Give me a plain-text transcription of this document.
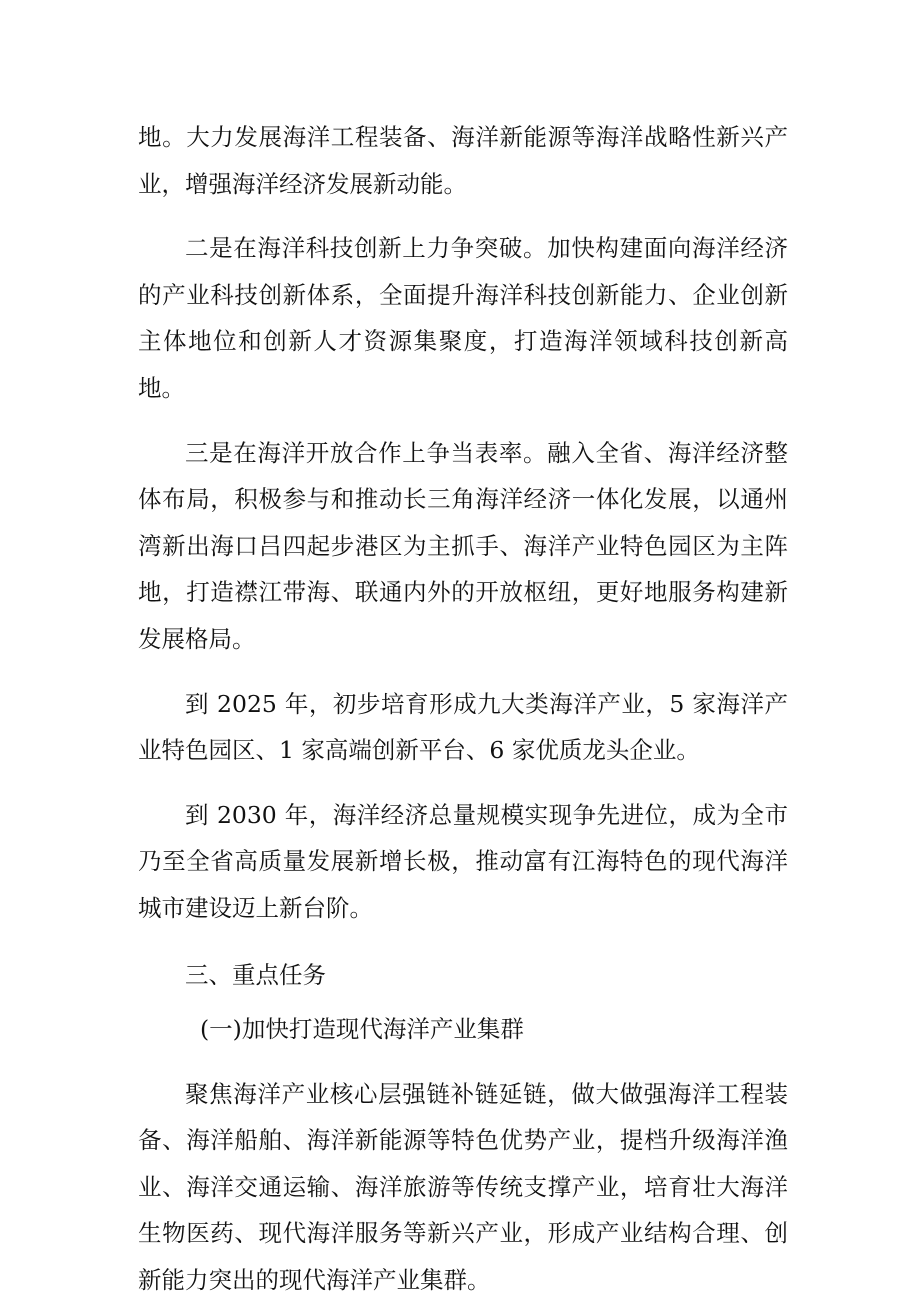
地。大力发展海洋工程装备、海洋新能源等海洋战略性新兴产业，增强海洋经济发展新动能。

二是在海洋科技创新上力争突破。加快构建面向海洋经济的产业科技创新体系，全面提升海洋科技创新能力、企业创新主体地位和创新人才资源集聚度，打造海洋领域科技创新高地。

三是在海洋开放合作上争当表率。融入全省、海洋经济整体布局，积极参与和推动长三角海洋经济一体化发展，以通州湾新出海口吕四起步港区为主抓手、海洋产业特色园区为主阵地，打造襟江带海、联通内外的开放枢纽，更好地服务构建新发展格局。

到 2025 年，初步培育形成九大类海洋产业，5 家海洋产业特色园区、1 家高端创新平台、6 家优质龙头企业。

到 2030 年，海洋经济总量规模实现争先进位，成为全市乃至全省高质量发展新增长极，推动富有江海特色的现代海洋城市建设迈上新台阶。

三、重点任务

(一)加快打造现代海洋产业集群

聚焦海洋产业核心层强链补链延链，做大做强海洋工程装备、海洋船舶、海洋新能源等特色优势产业，提档升级海洋渔业、海洋交通运输、海洋旅游等传统支撑产业，培育壮大海洋生物医药、现代海洋服务等新兴产业，形成产业结构合理、创新能力突出的现代海洋产业集群。
